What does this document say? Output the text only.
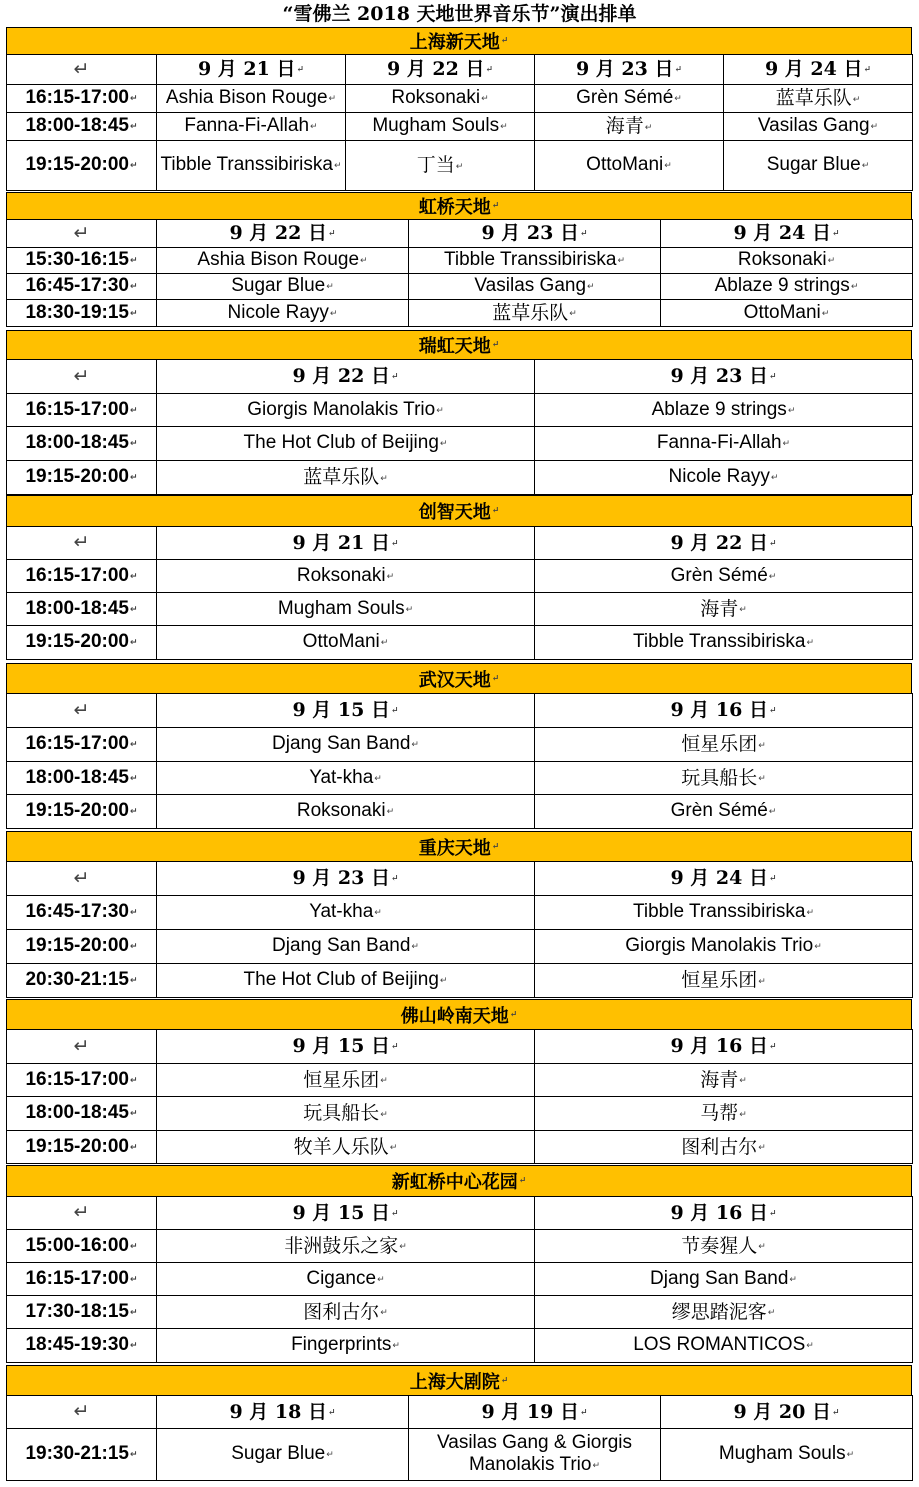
“雪佛兰 2018 天地世界音乐节”演出排单
上海新天地 ↵
↵	9 月 21 日↵	9 月 22 日↵	9 月 23 日↵	9 月 24 日↵
16:15-17:00↵	Ashia Bison Rouge↵	Roksonaki↵	Grèn Sémé↵	蓝草乐队↵
18:00-18:45↵	Fanna-Fi-Allah↵	Mugham Souls↵	海青↵	Vasilas Gang↵
19:15-20:00↵	Tibble Transsibiriska↵	丁当↵	OttoMani↵	Sugar Blue↵
虹桥天地 ↵
↵	9 月 22 日↵	9 月 23 日↵	9 月 24 日↵
15:30-16:15↵	Ashia Bison Rouge↵	Tibble Transsibiriska↵	Roksonaki↵
16:45-17:30↵	Sugar Blue↵	Vasilas Gang↵	Ablaze 9 strings↵
18:30-19:15↵	Nicole Rayy↵	蓝草乐队↵	OttoMani↵
瑞虹天地 ↵
↵	9 月 22 日↵	9 月 23 日↵
16:15-17:00↵	Giorgis Manolakis Trio↵	Ablaze 9 strings↵
18:00-18:45↵	The Hot Club of Beijing↵	Fanna-Fi-Allah↵
19:15-20:00↵	蓝草乐队↵	Nicole Rayy↵
创智天地 ↵
↵	9 月 21 日↵	9 月 22 日↵
16:15-17:00↵	Roksonaki↵	Grèn Sémé↵
18:00-18:45↵	Mugham Souls↵	海青↵
19:15-20:00↵	OttoMani↵	Tibble Transsibiriska↵
武汉天地 ↵
↵	9 月 15 日↵	9 月 16 日↵
16:15-17:00↵	Djang San Band↵	恒星乐团↵
18:00-18:45↵	Yat-kha↵	玩具船长↵
19:15-20:00↵	Roksonaki↵	Grèn Sémé↵
重庆天地 ↵
↵	9 月 23 日↵	9 月 24 日↵
16:45-17:30↵	Yat-kha↵	Tibble Transsibiriska↵
19:15-20:00↵	Djang San Band↵	Giorgis Manolakis Trio↵
20:30-21:15↵	The Hot Club of Beijing↵	恒星乐团↵
佛山岭南天地 ↵
↵	9 月 15 日↵	9 月 16 日↵
16:15-17:00↵	恒星乐团↵	海青↵
18:00-18:45↵	玩具船长↵	马帮↵
19:15-20:00↵	牧羊人乐队↵	图利古尔↵
新虹桥中心花园 ↵
↵	9 月 15 日↵	9 月 16 日↵
15:00-16:00↵	非洲鼓乐之家↵	节奏猩人↵
16:15-17:00↵	Cigance↵	Djang San Band↵
17:30-18:15↵	图利古尔↵	缪思踏泥客↵
18:45-19:30↵	Fingerprints↵	LOS ROMANTICOS↵
上海大剧院 ↵
↵	9 月 18 日↵	9 月 19 日↵	9 月 20 日↵
19:30-21:15↵	Sugar Blue↵	Vasilas Gang & Giorgis Manolakis Trio↵	Mugham Souls↵
